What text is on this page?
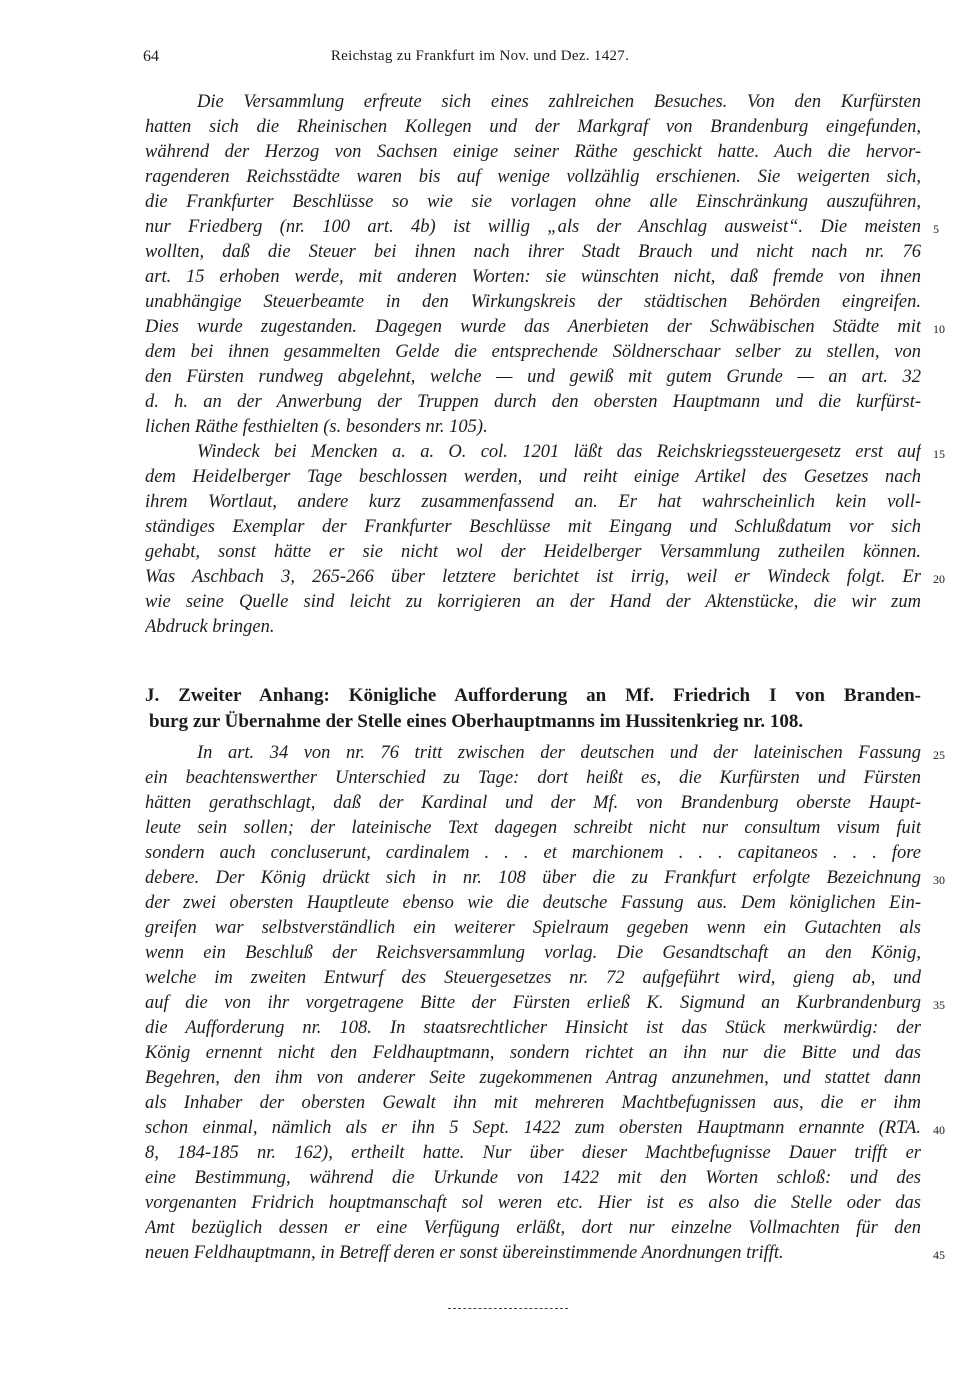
64	Reichstag zu Frankfurt im Nov. und Dez. 1427.
Die Versammlung erfreute sich eines zahlreichen Besuches. Von den Kurfürsten
hatten sich die Rheinischen Kollegen und der Markgraf von Brandenburg eingefunden,
während der Herzog von Sachsen einige seiner Räthe geschickt hatte. Auch die hervor-
ragenderen Reichsstädte waren bis auf wenige vollzählig erschienen. Sie weigerten sich,
die Frankfurter Beschlüsse so wie sie vorlagen ohne alle Einschränkung auszuführen,
nur Friedberg (nr. 100 art. 4b) ist willig „als der Anschlag ausweist“. Die meisten
wollten, daß die Steuer bei ihnen nach ihrer Stadt Brauch und nicht nach nr. 76
art. 15 erhoben werde, mit anderen Worten: sie wünschten nicht, daß fremde von ihnen
unabhängige Steuerbeamte in den Wirkungskreis der städtischen Behörden eingreifen.
Dies wurde zugestanden. Dagegen wurde das Anerbieten der Schwäbischen Städte mit
dem bei ihnen gesammelten Gelde die entsprechende Söldnerschaar selber zu stellen, von
den Fürsten rundweg abgelehnt, welche — und gewiß mit gutem Grunde — an art. 32
d. h. an der Anwerbung der Truppen durch den obersten Hauptmann und die kurfürst-
lichen Räthe festhielten (s. besonders nr. 105).
Windeck bei Mencken a. a. O. col. 1201 läßt das Reichskriegssteuergesetz erst auf
dem Heidelberger Tage beschlossen werden, und reiht einige Artikel des Gesetzes nach
ihrem Wortlaut, andere kurz zusammenfassend an. Er hat wahrscheinlich kein voll-
ständiges Exemplar der Frankfurter Beschlüsse mit Eingang und Schlußdatum vor sich
gehabt, sonst hätte er sie nicht wol der Heidelberger Versammlung zutheilen können.
Was Aschbach 3, 265-266 über letztere berichtet ist irrig, weil er Windeck folgt. Er
wie seine Quelle sind leicht zu korrigieren an der Hand der Aktenstücke, die wir zum
Abdruck bringen.
J. Zweiter Anhang: Königliche Aufforderung an Mf. Friedrich I von Branden-
burg zur Übernahme der Stelle eines Oberhauptmanns im Hussitenkrieg nr. 108.
In art. 34 von nr. 76 tritt zwischen der deutschen und der lateinischen Fassung
ein beachtenswerther Unterschied zu Tage: dort heißt es, die Kurfürsten und Fürsten
hätten gerathschlagt, daß der Kardinal und der Mf. von Brandenburg oberste Haupt-
leute sein sollen; der lateinische Text dagegen schreibt nicht nur consultum visum fuit
sondern auch concluserunt, cardinalem . . . et marchionem . . . capitaneos . . . fore
debere. Der König drückt sich in nr. 108 über die zu Frankfurt erfolgte Bezeichnung
der zwei obersten Hauptleute ebenso wie die deutsche Fassung aus. Dem königlichen Ein-
greifen war selbstverständlich ein weiterer Spielraum gegeben wenn ein Gutachten als
wenn ein Beschluß der Reichsversammlung vorlag. Die Gesandtschaft an den König,
welche im zweiten Entwurf des Steuergesetzes nr. 72 aufgeführt wird, gieng ab, und
auf die von ihr vorgetragene Bitte der Fürsten erließ K. Sigmund an Kurbrandenburg
die Aufforderung nr. 108. In staatsrechtlicher Hinsicht ist das Stück merkwürdig: der
König ernennt nicht den Feldhauptmann, sondern richtet an ihn nur die Bitte und das
Begehren, den ihm von anderer Seite zugekommenen Antrag anzunehmen, und stattet dann
als Inhaber der obersten Gewalt ihn mit mehreren Machtbefugnissen aus, die er ihm
schon einmal, nämlich als er ihn 5 Sept. 1422 zum obersten Hauptmann ernannte (RTA.
8, 184-185 nr. 162), ertheilt hatte. Nur über dieser Machtbefugnisse Dauer trifft er
eine Bestimmung, während die Urkunde von 1422 mit den Worten schloß: und des
vorgenanten Fridrich houptmanschaft sol weren etc. Hier ist es also die Stelle oder das
Amt bezüglich dessen er eine Verfügung erläßt, dort nur einzelne Vollmachten für den
neuen Feldhauptmann, in Betreff deren er sonst übereinstimmende Anordnungen trifft.
5
10
15
20
25
30
35
40
45
